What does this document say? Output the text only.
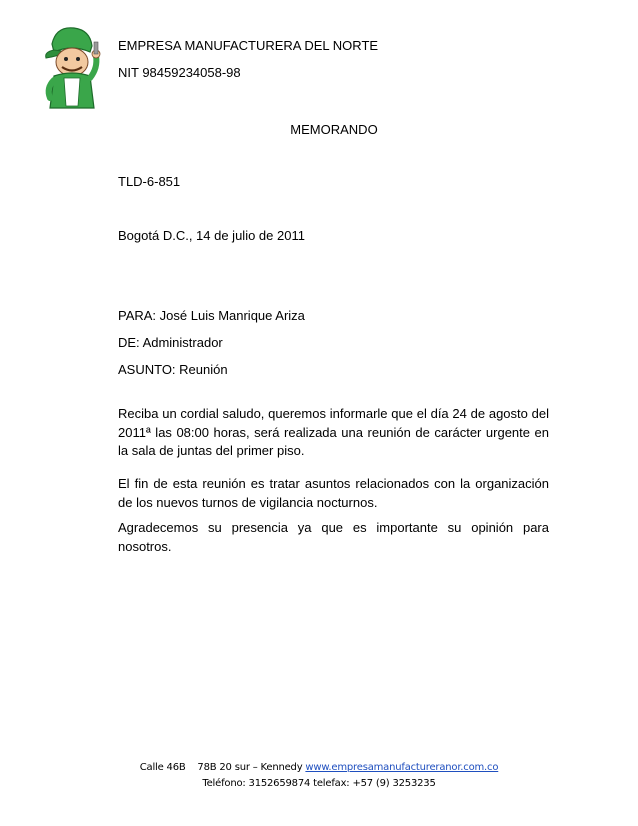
EMPRESA MANUFACTURERA DEL NORTE
NIT 98459234058-98
MEMORANDO
TLD-6-851
Bogotá D.C., 14 de julio de 2011
PARA: José Luis Manrique Ariza
DE: Administrador
ASUNTO: Reunión
Reciba un cordial saludo, queremos informarle que el día 24 de agosto del 2011ª las 08:00 horas, será realizada una reunión de carácter urgente en la sala de juntas del primer piso.
El fin de esta reunión es tratar asuntos relacionados con la organización de los nuevos turnos de vigilancia nocturnos.
Agradecemos su presencia ya que es importante su opinión para nosotros.
Calle 46B    78B 20 sur – Kennedy www.empresamanufactureranor.com.co
Teléfono: 3152659874 telefax: +57 (9) 3253235
